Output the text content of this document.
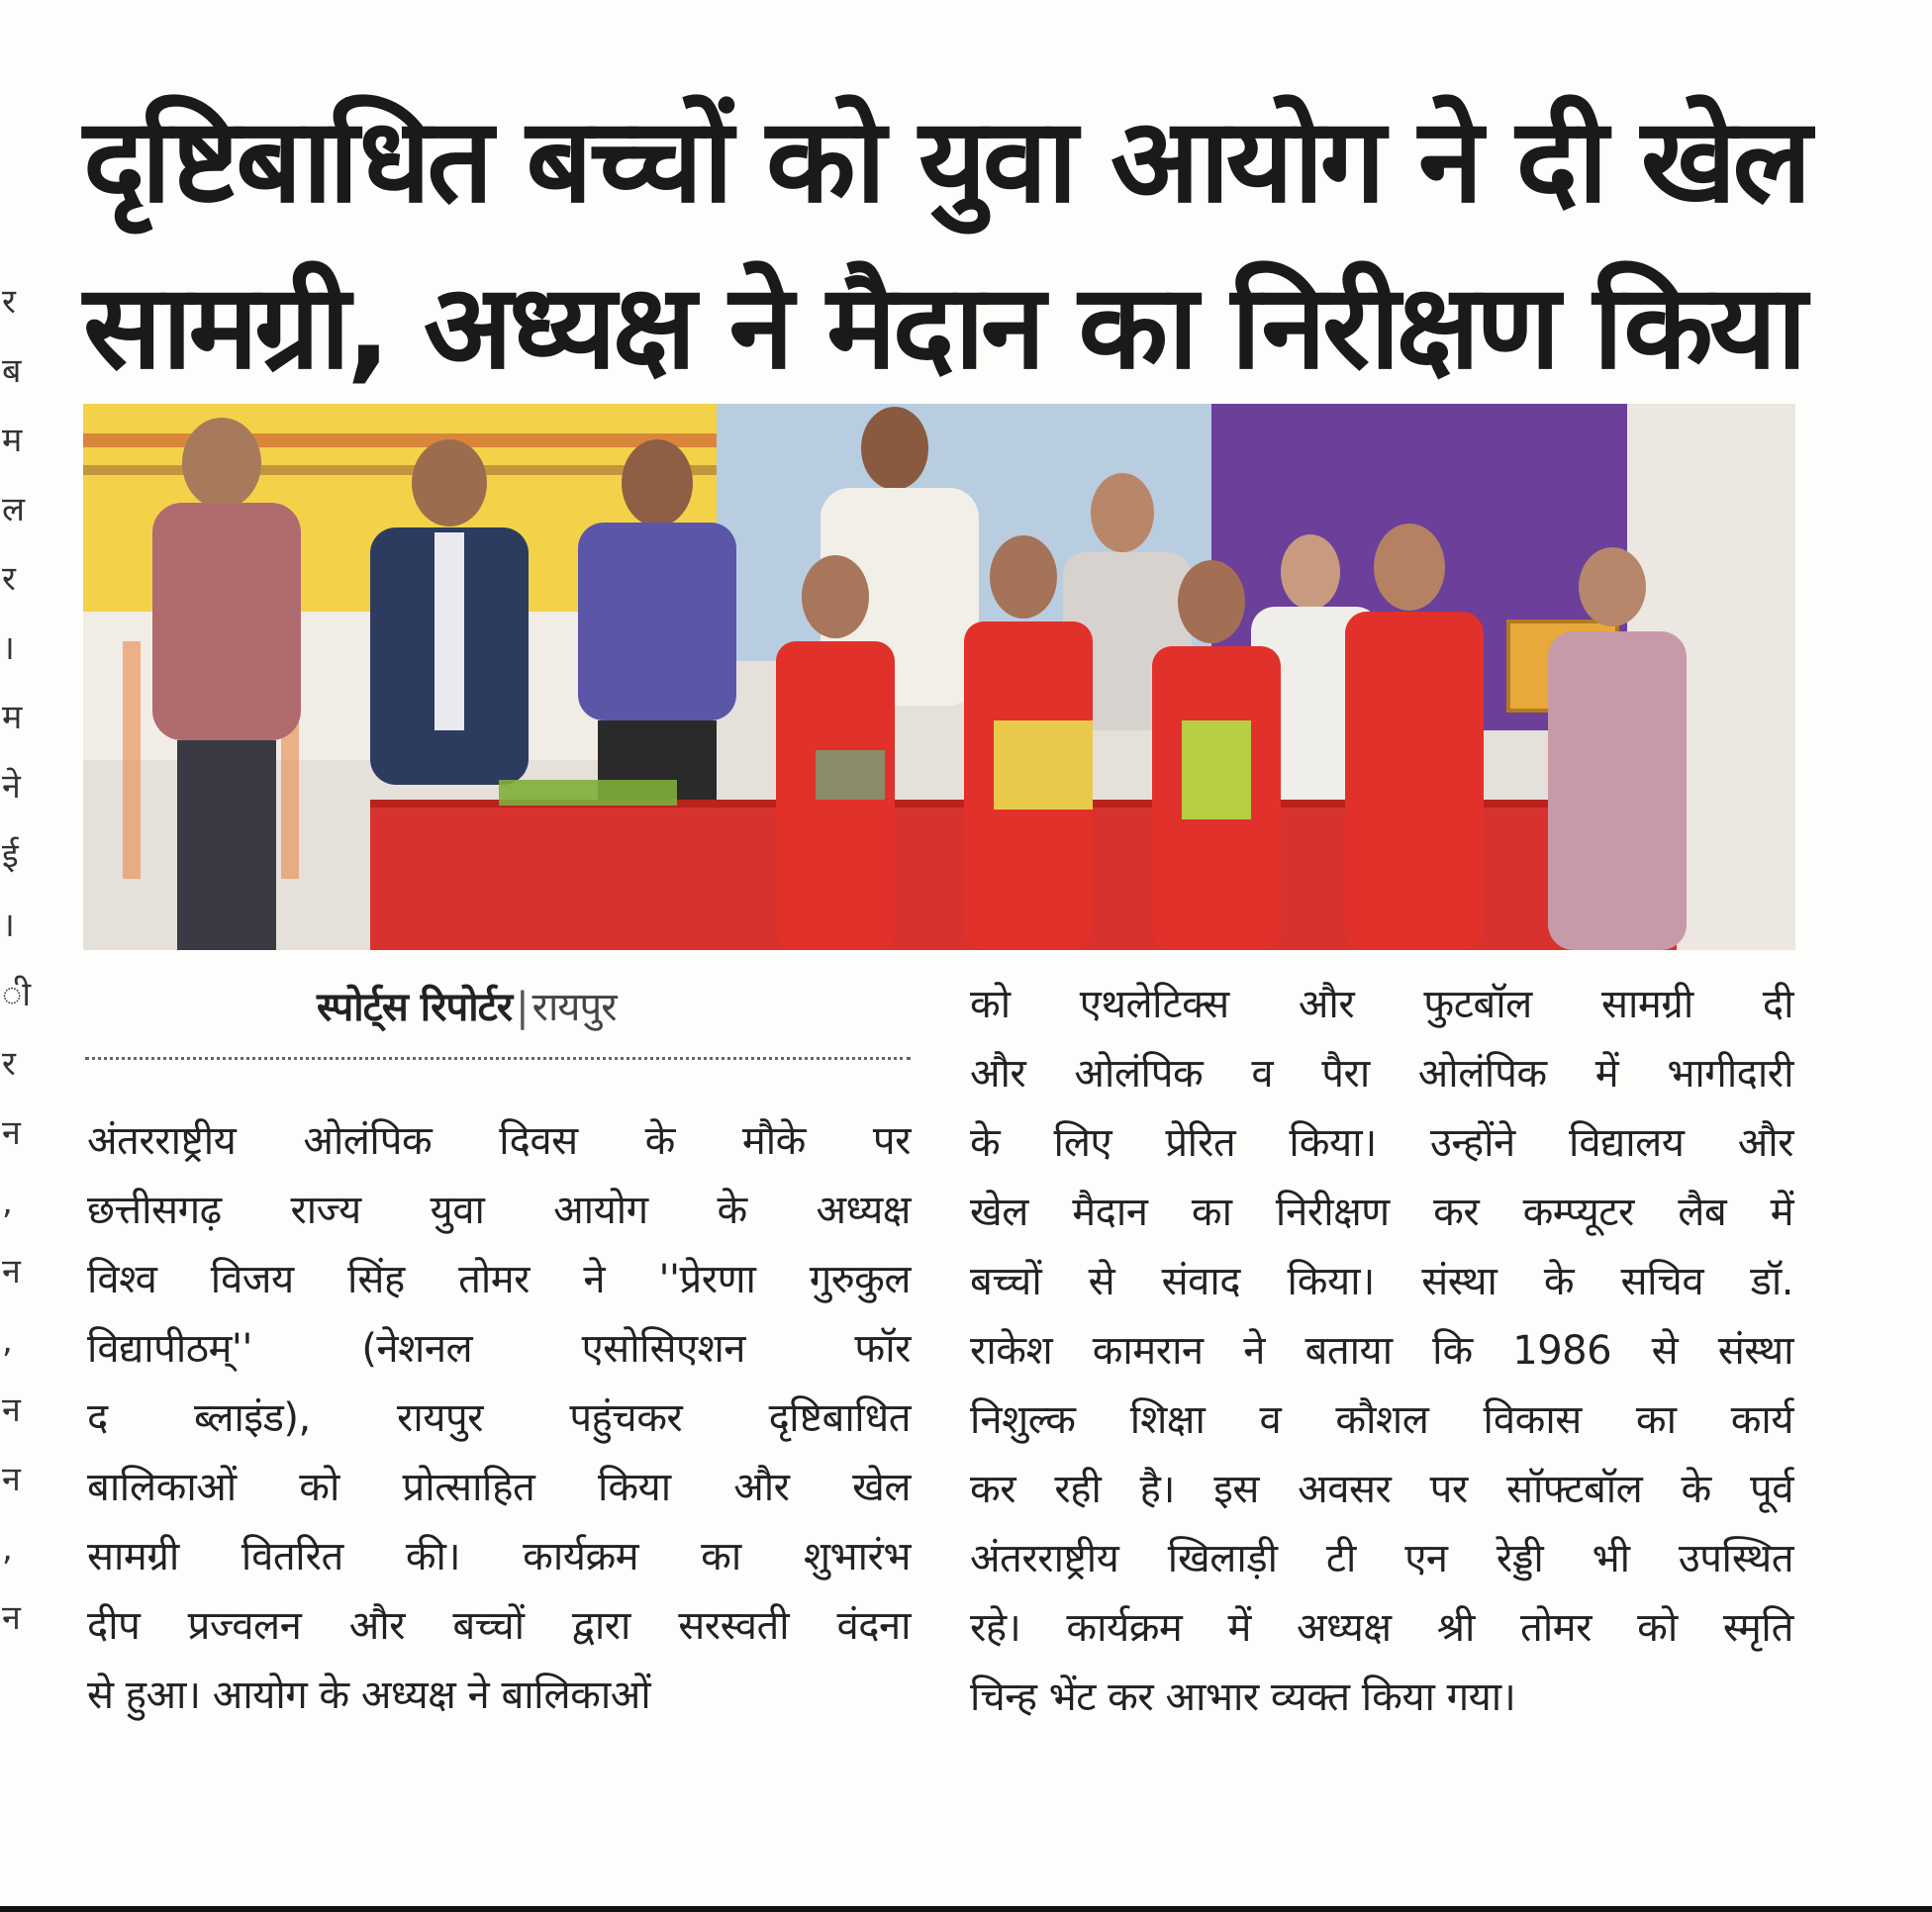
र
ब
म
ल
र
।
म
ने
ई
।
ी
र
न
,
न
,
न
न
,
न
दृष्टिबाधित बच्चों को युवा आयोग ने दी खेल
सामग्री, अध्यक्ष ने मैदान का निरीक्षण किया
स्पोर्ट्स रिपोर्टर | रायपुर
अंतरराष्ट्रीय ओलंपिक दिवस के मौके पर
छत्तीसगढ़ राज्य युवा आयोग के अध्यक्ष
विश्व विजय सिंह तोमर ने ''प्रेरणा गुरुकुल
विद्यापीठम्'' (नेशनल एसोसिएशन फॉर
द ब्लाइंड), रायपुर पहुंचकर दृष्टिबाधित
बालिकाओं को प्रोत्साहित किया और खेल
सामग्री वितरित की। कार्यक्रम का शुभारंभ
दीप प्रज्वलन और बच्चों द्वारा सरस्वती वंदना
से हुआ। आयोग के अध्यक्ष ने बालिकाओं
को एथलेटिक्स और फुटबॉल सामग्री दी
और ओलंपिक व पैरा ओलंपिक में भागीदारी
के लिए प्रेरित किया। उन्होंने विद्यालय और
खेल मैदान का निरीक्षण कर कम्प्यूटर लैब में
बच्चों से संवाद किया। संस्था के सचिव डॉ.
राकेश कामरान ने बताया कि 1986 से संस्था
निशुल्क शिक्षा व कौशल विकास का कार्य
कर रही है। इस अवसर पर सॉफ्टबॉल के पूर्व
अंतरराष्ट्रीय खिलाड़ी टी एन रेड्डी भी उपस्थित
रहे। कार्यक्रम में अध्यक्ष श्री तोमर को स्मृति
चिन्ह भेंट कर आभार व्यक्त किया गया।
